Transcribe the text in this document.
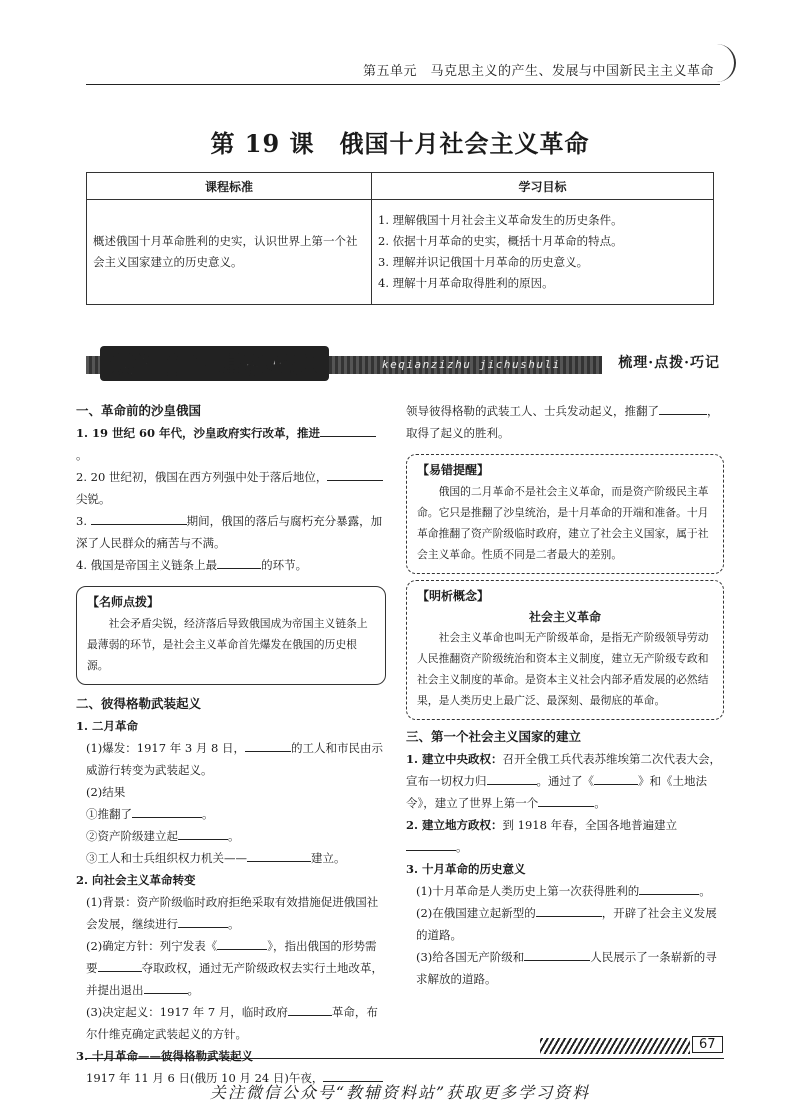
第五单元　马克思主义的产生、发展与中国新民主主义革命
第 19 课　俄国十月社会主义革命
课程标准	学习目标
概述俄国十月革命胜利的史实，认识世界上第一个社会主义国家建立的历史意义。	1. 理解俄国十月社会主义革命发生的历史条件。
2. 依据十月革命的史实，概括十月革命的特点。
3. 理解并识记俄国十月革命的历史意义。
4. 理解十月革命取得胜利的原因。
课前自主 基础梳理	keqianzizhu jichushuli	梳理·点拨·巧记

一、革命前的沙皇俄国

1. 19 世纪 60 年代，沙皇政府实行改革，推进。

2. 20 世纪初，俄国在西方列强中处于落后地位，尖锐。

3.	期间，俄国的落后与腐朽充分暴露，加深了人民群众的痛苦与不满。

4. 俄国是帝国主义链条上最	的环节。

【名师点拨】
社会矛盾尖锐，经济落后导致俄国成为帝国主义链条上最薄弱的环节，是社会主义革命首先爆发在俄国的历史根源。

二、彼得格勒武装起义

1. 二月革命

(1)爆发：1917 年 3 月 8 日，	的工人和市民由示威游行转变为武装起义。

(2)结果

①推翻了	。

②资产阶级建立起	。

③工人和士兵组织权力机关——	建立。

2. 向社会主义革命转变

(1)背景：资产阶级临时政府拒绝采取有效措施促进俄国社会发展，继续进行	。

(2)确定方针：列宁发表《	》，指出俄国的形势需要	夺取政权，通过无产阶级政权去实行土地改革，并提出退出	。

(3)决定起义：1917 年 7 月，临时政府	革命，布尔什维克确定武装起义的方针。

3. 十月革命——彼得格勒武装起义

1917 年 11 月 6 日(俄历 10 月 24 日)午夜，

领导彼得格勒的武装工人、士兵发动起义，推翻了	，取得了起义的胜利。

【易错提醒】
俄国的二月革命不是社会主义革命，而是资产阶级民主革命。它只是推翻了沙皇统治，是十月革命的开端和准备。十月革命推翻了资产阶级临时政府，建立了社会主义国家，属于社会主义革命。性质不同是二者最大的差别。
【明析概念】
社会主义革命
社会主义革命也叫无产阶级革命，是指无产阶级领导劳动人民推翻资产阶级统治和资本主义制度，建立无产阶级专政和社会主义制度的革命。是资本主义社会内部矛盾发展的必然结果，是人类历史上最广泛、最深刻、最彻底的革命。

三、第一个社会主义国家的建立

1. 建立中央政权：召开全俄工兵代表苏维埃第二次代表大会，宣布一切权力归	。通过了《	》和《土地法令》，建立了世界上第一个	。

2. 建立地方政权：到 1918 年春，全国各地普遍建立。

3. 十月革命的历史意义

(1)十月革命是人类历史上第一次获得胜利的	。

(2)在俄国建立起新型的	，开辟了社会主义发展的道路。

(3)给各国无产阶级和	人民展示了一条崭新的寻求解放的道路。

67
关注微信公众号“教辅资料站”获取更多学习资料
